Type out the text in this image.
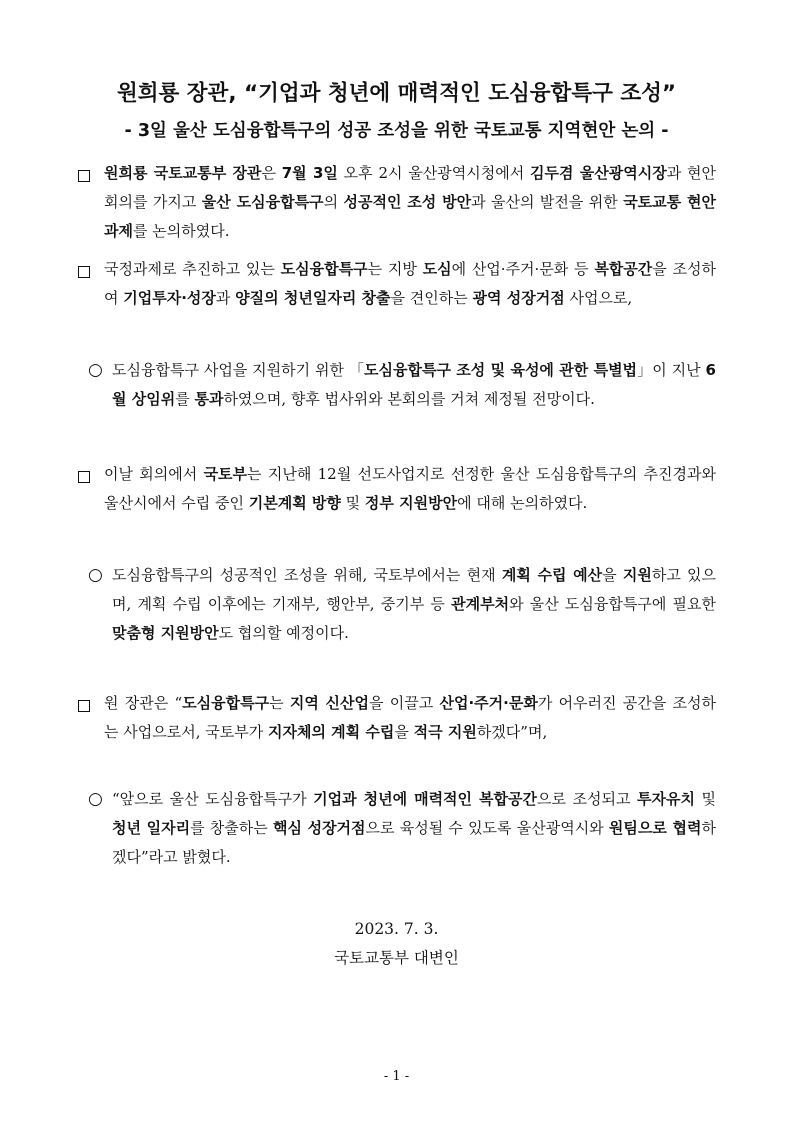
원희룡 장관, “기업과 청년에 매력적인 도심융합특구 조성”
- 3일 울산 도심융합특구의 성공 조성을 위한 국토교통 지역현안 논의 -
원희룡 국토교통부 장관은 7월 3일 오후 2시 울산광역시청에서 김두겸 울산광역시장과 현안회의를 가지고 울산 도심융합특구의 성공적인 조성 방안과 울산의 발전을 위한 국토교통 현안과제를 논의하였다.
국정과제로 추진하고 있는 도심융합특구는 지방 도심에 산업·주거·문화 등 복합공간을 조성하여 기업투자·성장과 양질의 청년일자리 창출을 견인하는 광역 성장거점 사업으로,
○ 도심융합특구 사업을 지원하기 위한 「도심융합특구 조성 및 육성에 관한 특별법」이 지난 6월 상임위를 통과하였으며, 향후 법사위와 본회의를 거쳐 제정될 전망이다.
이날 회의에서 국토부는 지난해 12월 선도사업지로 선정한 울산 도심융합특구의 추진경과와 울산시에서 수립 중인 기본계획 방향 및 정부 지원방안에 대해 논의하였다.
○ 도심융합특구의 성공적인 조성을 위해, 국토부에서는 현재 계획 수립 예산을 지원하고 있으며, 계획 수립 이후에는 기재부, 행안부, 중기부 등 관계부처와 울산 도심융합특구에 필요한 맞춤형 지원방안도 협의할 예정이다.
원 장관은 “도심융합특구는 지역 신산업을 이끌고 산업·주거·문화가 어우러진 공간을 조성하는 사업으로서, 국토부가 지자체의 계획 수립을 적극 지원하겠다”며,
○ “앞으로 울산 도심융합특구가 기업과 청년에 매력적인 복합공간으로 조성되고 투자유치 및 청년 일자리를 창출하는 핵심 성장거점으로 육성될 수 있도록 울산광역시와 원팀으로 협력하겠다”라고 밝혔다.
2023. 7. 3.
국토교통부 대변인
- 1 -
